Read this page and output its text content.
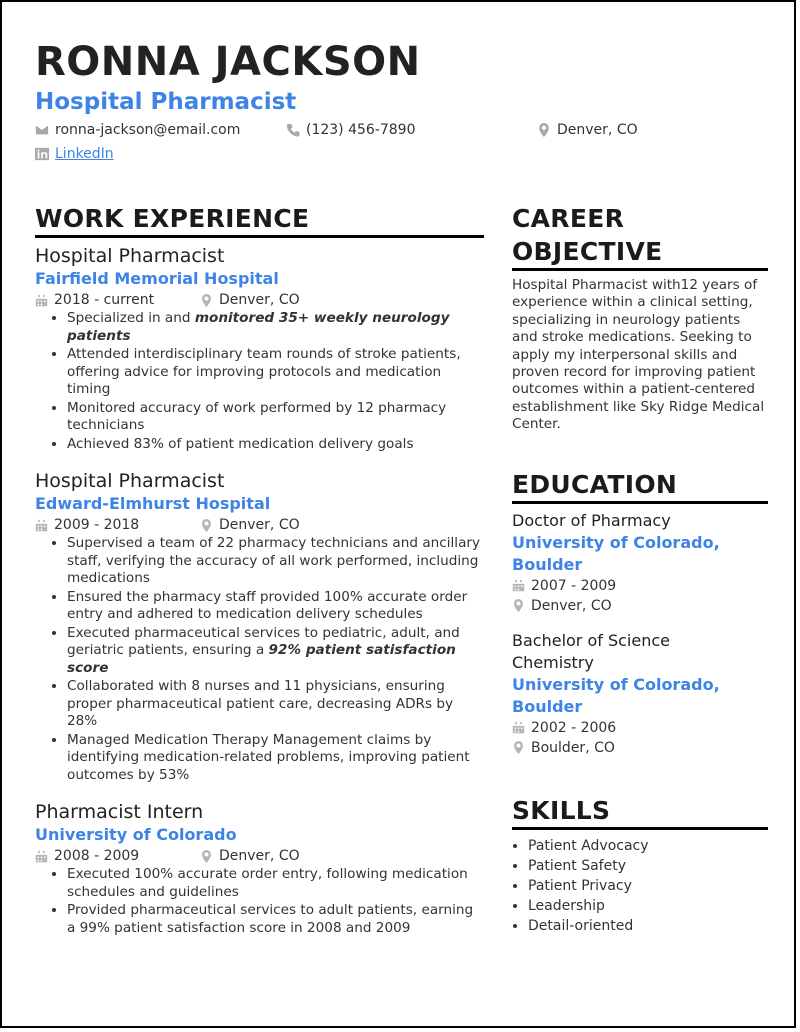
RONNA JACKSON
Hospital Pharmacist
ronna-jackson@email.com	(123) 456-7890	Denver, CO
LinkedIn
WORK EXPERIENCE
Hospital Pharmacist
Fairfield Memorial Hospital
2018 - current	Denver, CO
• Specialized in and monitored 35+ weekly neurology patients
• Attended interdisciplinary team rounds of stroke patients, offering advice for improving protocols and medication timing
• Monitored accuracy of work performed by 12 pharmacy technicians
• Achieved 83% of patient medication delivery goals
Hospital Pharmacist
Edward-Elmhurst Hospital
2009 - 2018	Denver, CO
• Supervised a team of 22 pharmacy technicians and ancillary staff, verifying the accuracy of all work performed, including medications
• Ensured the pharmacy staff provided 100% accurate order entry and adhered to medication delivery schedules
• Executed pharmaceutical services to pediatric, adult, and geriatric patients, ensuring a 92% patient satisfaction score
• Collaborated with 8 nurses and 11 physicians, ensuring proper pharmaceutical patient care, decreasing ADRs by 28%
• Managed Medication Therapy Management claims by identifying medication-related problems, improving patient outcomes by 53%
Pharmacist Intern
University of Colorado
2008 - 2009	Denver, CO
• Executed 100% accurate order entry, following medication schedules and guidelines
• Provided pharmaceutical services to adult patients, earning a 99% patient satisfaction score in 2008 and 2009
CAREER
OBJECTIVE
Hospital Pharmacist with12 years of experience within a clinical setting, specializing in neurology patients and stroke medications. Seeking to apply my interpersonal skills and proven record for improving patient outcomes within a patient-centered establishment like Sky Ridge Medical Center.
EDUCATION
Doctor of Pharmacy
University of Colorado, Boulder
2007 - 2009
Denver, CO
Bachelor of Science
Chemistry
University of Colorado, Boulder
2002 - 2006
Boulder, CO
SKILLS
• Patient Advocacy
• Patient Safety
• Patient Privacy
• Leadership
• Detail-oriented
